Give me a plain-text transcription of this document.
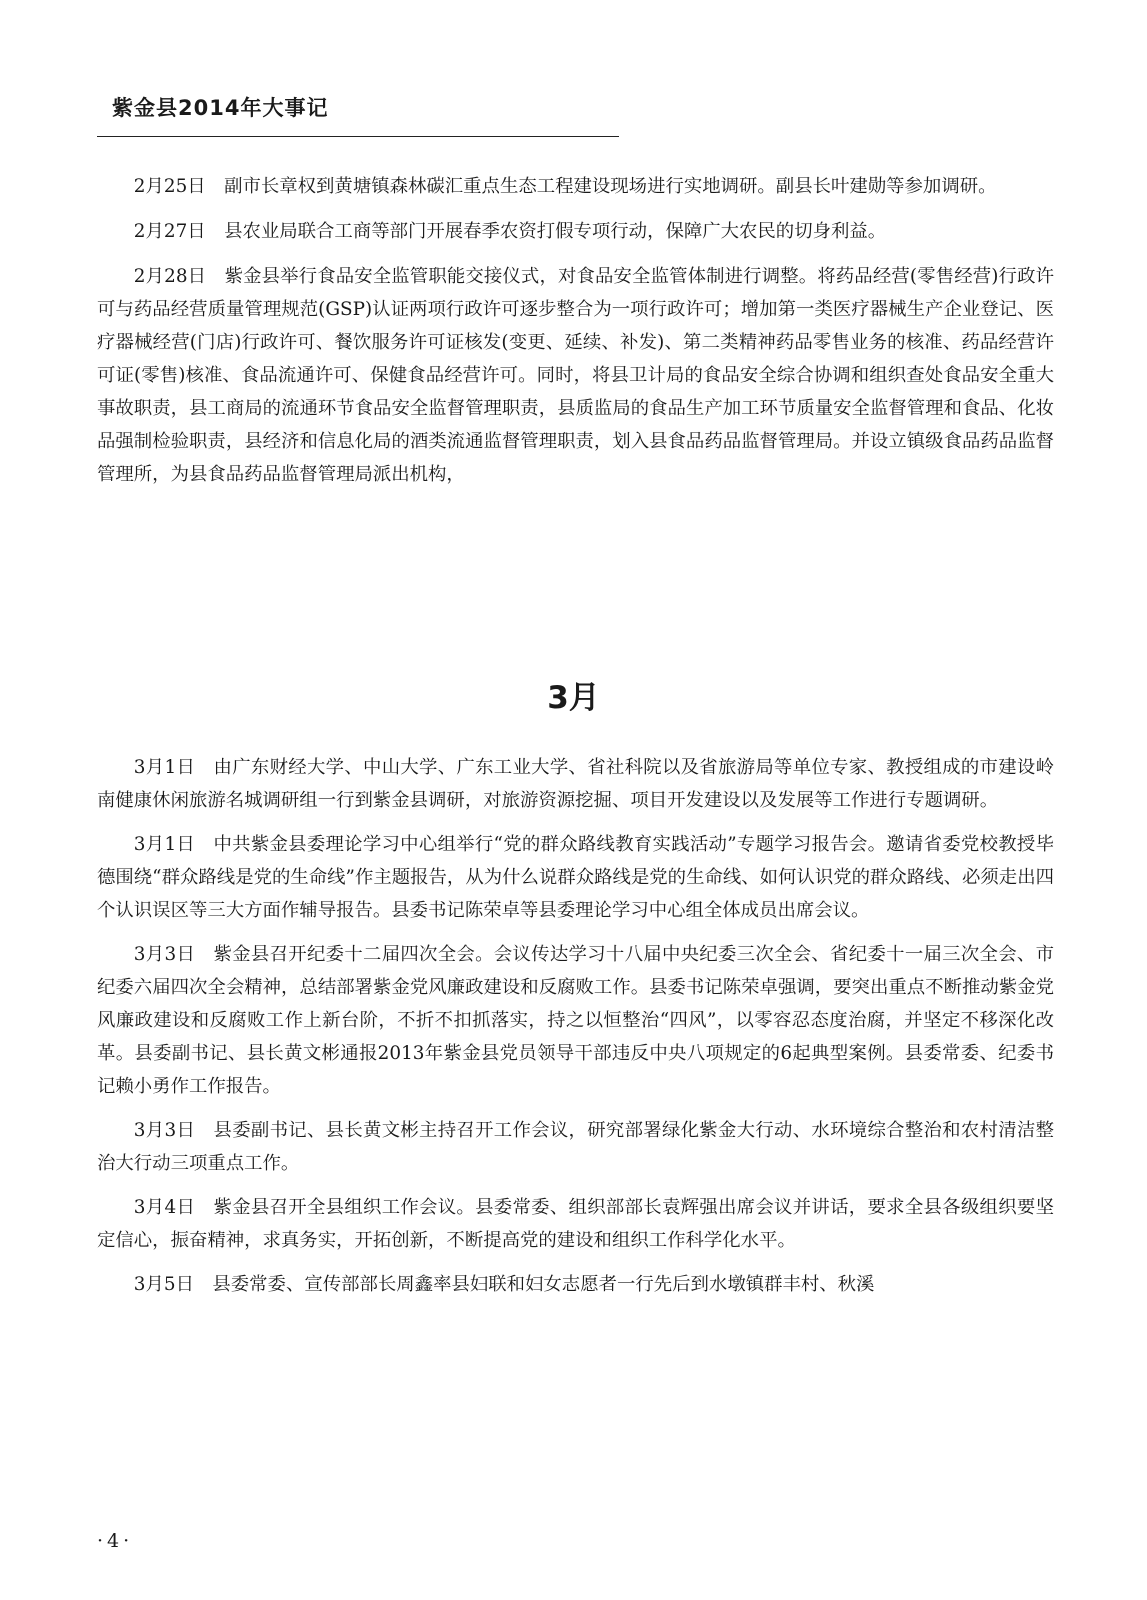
紫金县2014年大事记

2月25日 副市长章权到黄塘镇森林碳汇重点生态工程建设现场进行实地调研。副县长叶建勋等参加调研。

2月27日 县农业局联合工商等部门开展春季农资打假专项行动，保障广大农民的切身利益。

2月28日 紫金县举行食品安全监管职能交接仪式，对食品安全监管体制进行调整。将药品经营(零售经营)行政许可与药品经营质量管理规范(GSP)认证两项行政许可逐步整合为一项行政许可；增加第一类医疗器械生产企业登记、医疗器械经营(门店)行政许可、餐饮服务许可证核发(变更、延续、补发)、第二类精神药品零售业务的核准、药品经营许可证(零售)核准、食品流通许可、保健食品经营许可。同时，将县卫计局的食品安全综合协调和组织查处食品安全重大事故职责，县工商局的流通环节食品安全监督管理职责，县质监局的食品生产加工环节质量安全监督管理和食品、化妆品强制检验职责，县经济和信息化局的酒类流通监督管理职责，划入县食品药品监督管理局。并设立镇级食品药品监督管理所，为县食品药品监督管理局派出机构，

3月

3月1日 由广东财经大学、中山大学、广东工业大学、省社科院以及省旅游局等单位专家、教授组成的市建设岭南健康休闲旅游名城调研组一行到紫金县调研，对旅游资源挖掘、项目开发建设以及发展等工作进行专题调研。

3月1日 中共紫金县委理论学习中心组举行“党的群众路线教育实践活动”专题学习报告会。邀请省委党校教授毕德围绕“群众路线是党的生命线”作主题报告，从为什么说群众路线是党的生命线、如何认识党的群众路线、必须走出四个认识误区等三大方面作辅导报告。县委书记陈荣卓等县委理论学习中心组全体成员出席会议。

3月3日 紫金县召开纪委十二届四次全会。会议传达学习十八届中央纪委三次全会、省纪委十一届三次全会、市纪委六届四次全会精神，总结部署紫金党风廉政建设和反腐败工作。县委书记陈荣卓强调，要突出重点不断推动紫金党风廉政建设和反腐败工作上新台阶，不折不扣抓落实，持之以恒整治“四风”，以零容忍态度治腐，并坚定不移深化改革。县委副书记、县长黄文彬通报2013年紫金县党员领导干部违反中央八项规定的6起典型案例。县委常委、纪委书记赖小勇作工作报告。

3月3日 县委副书记、县长黄文彬主持召开工作会议，研究部署绿化紫金大行动、水环境综合整治和农村清洁整治大行动三项重点工作。

3月4日 紫金县召开全县组织工作会议。县委常委、组织部部长袁辉强出席会议并讲话，要求全县各级组织要坚定信心，振奋精神，求真务实，开拓创新，不断提高党的建设和组织工作科学化水平。

3月5日 县委常委、宣传部部长周鑫率县妇联和妇女志愿者一行先后到水墩镇群丰村、秋溪

·4·
